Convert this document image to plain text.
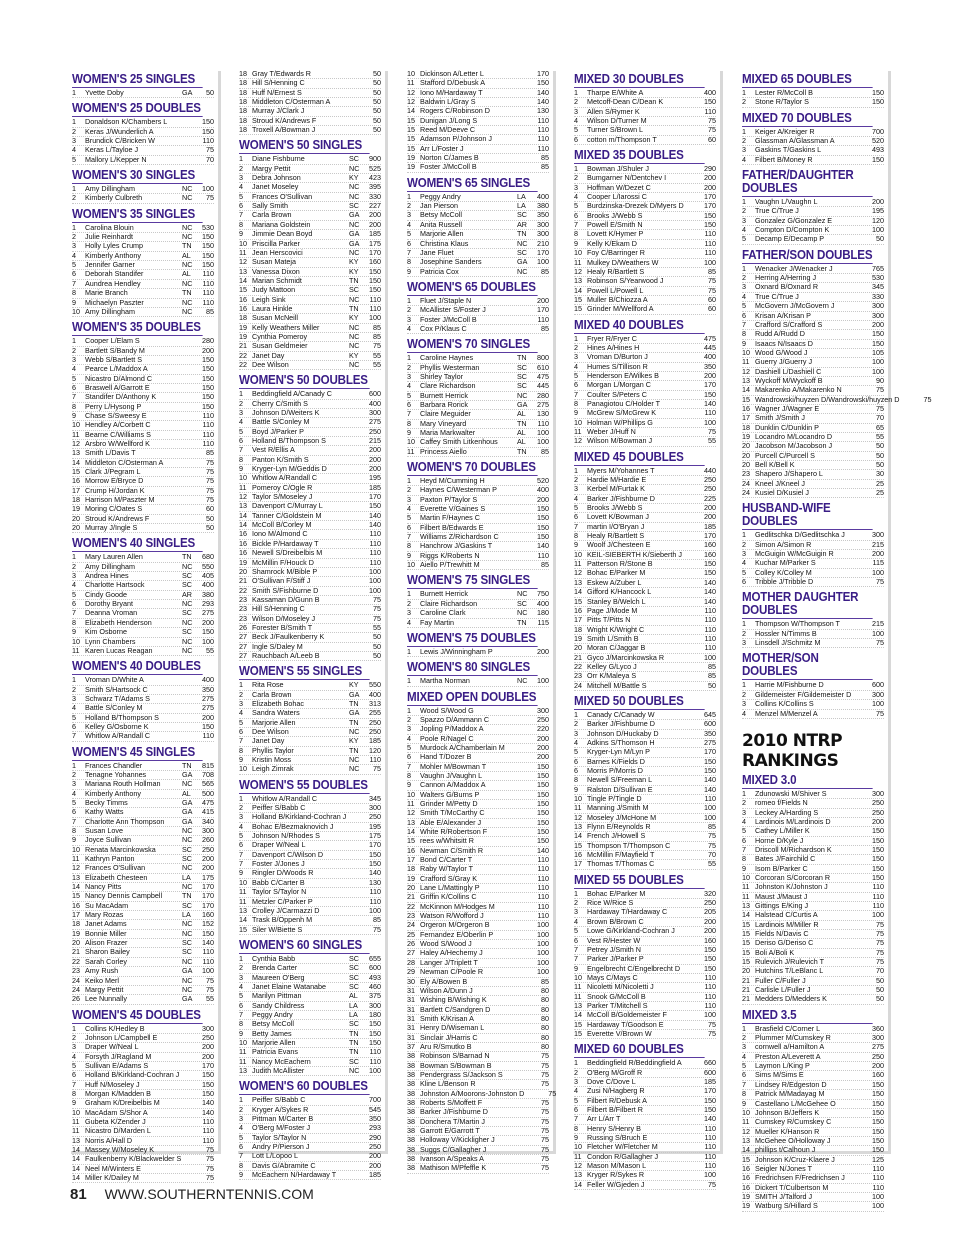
WOMEN'S 25 SINGLES
1	Yvette Doby	GA	50
WOMEN'S 25 DOUBLES
1	Donaldson K/Chambers L	150
2	Keras J/Wunderlich A	150
3	Brundick C/Bricken W	110
4	Keras L/Tayloe J	75
5	Mallory L/Kepper N	70
WOMEN'S 30 SINGLES
1	Amy Dillingham	NC	100
2	Kimberly Culbreth	NC	75
WOMEN'S 35 SINGLES
1	Carolina Blouin	NC	530
2	Julie Reinhardt	NC	150
3	Holly Lyles Crump	TN	150
4	Kimberly Anthony	AL	150
5	Jennifer Garner	NC	150
6	Deborah Standifer	AL	110
7	Aundrea Hendley	NC	110
8	Marie Branch	TN	110
9	Michaelyn Paszter	NC	110
10 Amy Dillingham	NC	85
WOMEN'S 35 DOUBLES
1	Cooper L/Elam S	280
2	Bartlett S/Bandy M	200
3	Webb S/Bartlett S	150
4	Pearce L/Maddox A	150
5	Nicastro D/Almond C	150
6	Braswell A/Garrott E	150
7	Standifer D/Anthony K	150
8	Perry L/Hysong P	150
9	Chase S/Sweesy E	110
10 Hendley A/Corbett C	110
11 Bearne C/Williams S	110
12 Arsbro W/Wellford K	110
13 Smith L/Davis T	85
14 Middleton C/Osterman A	75
15 Clark J/Pegram L	75
16 Morrow E/Bryce D	75
17 Crump H/Jordan K	75
18 Harrison M/Paszter M	75
19 Moring C/Oates S	60
20 Stroud K/Andrews F	50
20 Murray J/Ingle S	50
WOMEN'S 40 SINGLES
1	Mary Lauren Allen	TN	680
2	Amy Dillingham	NC	550
3	Andrea Hines	SC	405
4	Charlotte Hartsock	SC	400
5	Cindy Goode	AR	380
6	Dorothy Bryant	NC	293
7	Deanna Vroman	SC	275
8	Elizabeth Henderson	NC	200
9	Kim Osborne	SC	150
10 Lynn Chambers	NC	100
11 Karen Lucas Reagan	NC	55
WOMEN'S 40 DOUBLES
1	Vroman D/White A	400
2	Smith S/Hartsock C	350
3	Schwarz T/Adams S	275
4	Battle S/Conley M	275
5	Holland B/Thompson S	200
6	Kelley G/Osborne K	150
7	Whitlow A/Randall C	110
WOMEN'S 45 SINGLES
1	Frances Chandler	TN	815
2	Tenagne Yohannes	GA	708
3	Mariana Routh Hollman	NC	565
4	Kimberly Anthony	AL	500
5	Becky Timms	GA	475
6	Kathy Watts	GA	415
7	Charlotte Ann Thompson	GA	340
8	Susan Love	NC	300
9	Joyce Sullivan	NC	260
10 Renata Marcinkowska	SC	250
11 Kathryn Panton	SC	200
12 Frances O'Sullivan	NC	200
13 Elizabeth Chesteen	LA	175
14 Nancy Pitts	NC	170
15 Nancy Dennis Campbell	TN	170
16 Su MacAdam	SC	170
17 Mary Rozas	LA	160
18 Janet Adams	NC	152
19 Bonnie Miller	NC	150
20 Alison Frazer	SC	140
21 Sharon Bailey	SC	110
22 Sarah Corley	NC	110
23 Amy Rush	GA	100
24 Keiko Merl	NC	75
24 Margy Pettit	NC	75
26 Lee Nunnally	GA	55
WOMEN'S 45 DOUBLES
1	Collins K/Hedley B	300
2	Johnson L/Campbell E	250
3	Draper W/Neal L	200
4	Forsyth J/Ragland M	200
5	Sullivan E/Adams S	170
6	Holland B/Kirkland-Cochran J	150
7	Huff N/Moseley J	150
8	Morgan K/Madden B	150
9	Graham K/Dreibelbis M	140
10 MacAdam S/Shor A	140
11 Gubeta K/Zender J	110
11 Nicastro D/Marden L	110
13 Norris A/Hall D	110
14 Massey W/Moseley K	75
14 Faulkenberry K/Blackwelder S	75
14 Neel M/Winters E	75
14 Miller K/Dailey M	75
18 Gray T/Edwards R	50
18 Hill S/Henning C	50
18 Huff N/Ernest S	50
18 Middleton C/Osterman A	50
18 Murray J/Clark J	50
18 Stroud K/Andrews F	50
18 Troxell A/Bowman J	50
WOMEN'S 50 SINGLES
1	Diane Fishburne	SC	900
2	Margy Pettit	NC	525
3	Debra Johnson	KY	423
4	Janet Moseley	NC	395
5	Frances O'Sullivan	NC	330
6	Sally Smith	SC	227
7	Carla Brown	GA	200
8	Mariana Goldstein	NC	200
9	Jimmie Dean Boyd	GA	185
10 Priscilla Parker	GA	175
11 Jean Herscovici	NC	170
12 Susan Mateja	KY	160
13 Vanessa Dixon	KY	150
14 Marian Schmidt	TN	150
15 Judy Mattoon	SC	150
16 Leigh Sink	NC	110
16 Laura Hinkle	TN	110
18 Susan McNeill	KY	100
19 Kelly Weathers Miller	NC	85
19 Cynthia Pomeroy	NC	85
21 Susan Geldmeier	NC	75
22 Janet Day	KY	55
22 Dee Wilson	NC	55
WOMEN'S 50 DOUBLES
1	Beddingfield A/Canady C	600
2	Cherry C/Smith S	400
3	Johnson D/Weiters K	300
4	Battle S/Conley M	275
5	Boyd J/Parker P	250
6	Holland B/Thompson S	215
7	Vest R/Ellis A	200
8	Panton K/Smith S	200
9	Kryger-Lyn M/Geddis D	200
10 Whitlow A/Randall C	195
11 Pomeroy C/Ogle R	185
12 Taylor S/Moseley J	170
13 Davenport C/Murray L	150
14 Tanner C/Goldstein M	140
14 McColl B/Corley M	140
16 Iono M/Almond C	110
16 Bickle P/Hardaway T	110
16 Newell S/Dreibelbis M	110
19 McMillin F/Houck D	110
20 Shamrock M/Bible P	100
21 O'Sullivan F/Stiff J	100
22 Smith S/Fishburne D	100
23 Kassaman D/Gunn B	75
23 Hill S/Henning C	75
23 Wilson D/Moseley J	75
26 Forester B/Smith T	55
27 Beck J/Faulkenberry K	50
27 Ingle S/Daley M	50
27 Rauchbach A/Leeb B	50
WOMEN'S 55 SINGLES
1	Rita Rose	KY	550
2	Carla Brown	GA	400
3	Elizabeth Bohac	TN	313
4	Sandra Waters	GA	255
5	Marjorie Allen	TN	250
6	Dee Wilson	NC	250
7	Janet Day	KY	185
8	Phyllis Taylor	TN	120
9	Kristin Moss	NC	110
10 Leigh Zimrak	NC	75
WOMEN'S 55 DOUBLES
1	Whitlow A/Randall C	345
2	Peiffer S/Babb C	300
3	Holland B/Kirkland-Cochran J	250
4	Bohac E/Bezmaknovich J	195
5	Johnson N/Rhodes S	175
6	Draper W/Neal L	170
7	Davenport C/Wilson D	150
7	Foster J/Jones J	150
9	Ringler D/Woods R	140
10 Babb C/Carter B	130
11 Taylor S/Taylor N	110
11 Metzler C/Parker P	110
13 Crolley J/Carmazzi D	100
14 Trask B/Oppenh M	85
15 Siler W/Biette S	75
WOMEN'S 60 SINGLES
1	Cynthia Babb	SC	655
2	Brenda Carter	SC	600
3	Maureen O'Berg	SC	493
4	Janet Elaine Watanabe	SC	460
5	Marilyn Pittman	AL	375
6	Sandy Childress	LA	300
7	Peggy Andry	LA	180
8	Betsy McColl	SC	150
9	Betty James	TN	150
10 Marjorie Allen	TN	150
11 Patricia Evans	TN	110
11 Nancy McEachern	SC	110
13 Judith McAllister	NC	100
WOMEN'S 60 DOUBLES
1	Peiffer S/Babb C	700
2	Kryger A/Sykes R	545
3	Pittman M/Carter B	350
4	O'Berg M/Foster J	293
5	Taylor S/Taylor N	290
6	Andry P/Pierson J	250
7	Lott L/Lopoo L	200
8	Davis G/Abramite C	200
9	McEachern N/Hardaway T	185
10 Dickinson A/Letter L	170
11 Stafford D/Debusk A	150
12 Iono M/Hardaway T	140
12 Baldwin L/Gray S	140
14 Rogers C/Robinson D	130
15 Dunigan J/Long S	110
15 Reed M/Deeve C	110
15 Adamson P/Johnson J	110
15 Arr L/Foster J	110
19 Norton C/James B	85
19 Foster J/McColl B	85
WOMEN'S 65 SINGLES
1	Peggy Andry	LA	400
2	Jan Pierson	LA	380
3	Betsy McColl	SC	350
4	Anita Russell	AR	300
5	Marjorie Allen	TN	300
6	Christina Klaus	NC	210
7	Jane Fluet	SC	170
8	Josephine Sanders	GA	100
9	Patricia Cox	NC	85
WOMEN'S 65 DOUBLES
1	Fluet J/Staple N	200
2	McAllister S/Foster J	170
3	Foster J/McColl B	110
4	Cox P/Klaus C	85
WOMEN'S 70 SINGLES
1	Caroline Haynes	TN	800
2	Phyllis Westerman	SC	610
3	Shirley Taylor	SC	475
4	Clare Richardson	SC	445
5	Burnett Herrick	NC	280
6	Barbara Rorick	GA	275
7	Claire Meguider	AL	130
8	Mary Vineyard	TN	110
9	Maria Markwalter	AL	100
10 Caffey Smith Litkenhous	AL	100
11 Princess Aiello	TN	85
WOMEN'S 70 DOUBLES
1	Heyd M/Cumming H	520
2	Haynes C/Westerman P	400
3	Paxton P/Taylor S	200
4	Everette V/Gaines S	150
5	Martin F/Haynes C	150
6	Filbert B/Edwards E	150
7	Williams Z/Richardson C	150
8	Hanchrow J/Gaskins T	140
9	Riggs K/Roberts N	110
10 Aiello P/Trewhitt M	85
WOMEN'S 75 SINGLES
1	Burnett Herrick	NC	750
2	Claire Richardson	SC	400
3	Caroline Clark	NC	180
4	Fay Martin	TN	115
WOMEN'S 75 DOUBLES
1	Lewis J/Winningham P	200
WOMEN'S 80 SINGLES
1	Martha Norman	NC	100
MIXED OPEN DOUBLES
1	Wood S/Wood G	300
2	Spazzo D/Ammann C	250
3	Jopling P/Maddox A	220
4	Poole R/Nagel C	200
5	Murdock A/Chamberlain M	200
6	Hand T/Dozer B	200
7	Mohler M/Bowman T	150
8	Vaughn J/Vaughn L	150
9	Cannon A/Maddox A	150
10 Walters G/Burns P	150
11 Grinder M/Petty D	150
12 Smith T/McCarthy C	150
13 Able E/Alexander J	150
14 White R/Robertson F	150
15 rees w/Whitsitt R	150
16 Newman C/Smith R	140
17 Bond C/Carter T	110
18 Raby W/Taylor T	110
19 Crafford S/Gray K	110
20 Lane L/Mattingly P	110
21 Griffin K/Collins C	110
22 McKinnon M/Hodges M	110
23 Watson R/Wofford J	110
24 Orgeron M/Orgeron B	100
25 Fernandez E/Oberlin P	100
26 Wood S/Wood J	100
27 Haley A/Hechemy J	100
28 Langer J/Triplett T	100
29 Newman C/Poole R	100
30 Ely A/Bowen B	85
31 Wilson A/Dunn J	80
31 Wishing B/Wishing K	80
31 Bartlett C/Sandgren D	80
31 Smith K/Krisan A	80
31 Henry D/Wiseman L	80
31 Sinclair J/Harris C	80
37 Aru R/Smutko B	80
38 Robinson S/Barnad N	75
38 Bowman S/Bowman B	75
38 Pendergrass S/Jackson S	75
38 Kline L/Benson R	75
38 Johnston A/Moorons-Johnston D	75
38 Roberts S/Moffett F	75
38 Barker J/Fishburne D	75
38 Donchera T/Martin J	75
38 Garrott E/Garrott T	75
38 Holloway V/Kickligher J	75
38 Suggs C/Gallagher J	75
38 Ivanson A/Speaks A	75
38 Mathison M/Pfeffle K	75
MIXED 30 DOUBLES
1	Tharpe E/White A	400
2	Metcoff-Dean C/Dean K	150
3	Allen S/Rymer K	110
4	Wilson D/Turner M	75
5	Turner S/Brown L	75
6	cotton m/Thompson T	60
MIXED 35 DOUBLES
1	Bowman J/Shuler J	290
2	Bumgarner N/Dentchev I	200
3	Hoffman W/Dezet C	200
4	Cooper L/Iarossi C	170
5	Burdzinska-Drezek D/Myers D	170
6	Brooks J/Webb S	150
7	Powell E/Smith N	150
8	Lovett K/Hymer P	110
9	Kelly K/Ekam D	110
10 Foy C/Barringer R	110
11 Mulkey D/Weathers W	100
12 Healy R/Bartlett S	85
13 Robinson S/Yearwood J	75
14 Powell L/Powell L	75
15 Muller B/Chiozza A	60
15 Grinder M/Wellford A	60
MIXED 40 DOUBLES
1	Fryer R/Fryer C	475
2	Hines A/Hines H	445
3	Vroman D/Burton J	400
4	Humes S/Tillison R	350
5	Henderson E/Wilkes B	200
6	Morgan L/Morgan C	170
7	Coulter S/Peters C	150
8	Panagiotou C/Holder T	140
9	McGrew S/McGrew K	110
10 Holman W/Phillips G	100
11 Weber J/Huff N	75
12 Wilson M/Bowman J	55
MIXED 45 DOUBLES
1	Myers M/Yohannes T	440
2	Hardie M/Hardie E	250
3	Kerbel M/Furtak K	250
4	Barker J/Fishburne D	225
5	Brooks J/Webb S	200
6	Lovett K/Bowman J	200
7	martin I/O'Bryan J	185
8	Healy R/Bartlett S	170
9	Woolf J/Chesteen E	160
10 KEIL-SIEBERTH K/Sieberth J	160
11 Patterson R/Stone B	150
12 Bohac E/Parker M	150
13 Eskew A/Zuber L	140
14 Gifford K/Hancock L	140
15 Stanley B/Welch L	140
16 Page J/Mode M	110
17 Pitts T/Pitts N	110
18 Wright K/Wright C	110
19 Smith L/Smith B	110
20 Moran C/Jaggar B	110
21 Gyco J/Marcinkowska R	100
22 Kelley G/Lyco J	85
23 Orr K/Maleya S	85
24 Mitchell M/Battle S	50
MIXED 50 DOUBLES
1	Canady C/Canady W	645
2	Barker J/Fishburne D	600
3	Johnson D/Huckaby D	350
4	Adkins S/Thomson H	275
5	Kryger-Lyn M/Lyn P	170
6	Barnes K/Fields D	150
6	Morris P/Morris D	150
8	Newell S/Freeman L	140
9	Ralston D/Sullivan E	140
10 Tingle P/Tingle D	110
11 Manning J/Smith M	100
12 Moseley J/McHone M	100
13 Flynn E/Reynolds R	85
14 French J/Howell S	75
15 Thompson T/Thompson C	75
16 McMillin F/Mayfield T	70
17 Thomas T/Thomas C	55
MIXED 55 DOUBLES
1	Bohac E/Parker M	320
2	Rice W/Rice S	250
3	Hardaway T/Hardaway C	205
4	Brown B/Brown C	200
5	Lowe G/Kirkland-Cochran J	200
6	Vest R/Hester W	160
7	Petrey J/Smith N	150
7	Parker J/Parker P	150
9	Engelbrecht C/Engelbrecht D	150
10 Mays C/Mays C	110
11 Nicoletti M/Nicoletti J	110
11 Snook G/McColl B	110
13 Parker T/Mitchell S	110
14 McColl B/Goldemeister F	100
15 Hardaway T/Goodson E	75
15 Everette V/Brown W	75
MIXED 60 DOUBLES
1	Beddingfield R/Beddingfield A	660
2	O'Berg M/Groff R	600
3	Dove C/Dove L	185
4	Zusi N/Hagberg R	170
5	Filbert R/Debusk A	150
6	Filbert B/Filbert R	150
7	Arr L/Arr T	140
8	Henry S/Henry B	110
9	Russing S/Bruch E	110
10 Fletcher W/Fletcher M	110
11 Condon R/Gallagher J	110
12 Mason M/Mason L	110
13 Kryger R/Sykes R	100
14 Feller W/Gjeden J	75
MIXED 65 DOUBLES
1	Lester R/McColl B	150
2	Stone R/Taylor S	150
MIXED 70 DOUBLES
1	Keiger A/Kreiger R	700
2	Glassman A/Glassman A	520
3	Gaskins T/Gaskins L	493
4	Filbert B/Money R	150
FATHER/DAUGHTER DOUBLES
1	Vaughn L/Vaughn L	200
2	True C/True J	195
3	Gonzalez G/Gonzalez E	120
4	Compton D/Compton K	100
5	Decamp E/Decamp P	50
FATHER/SON DOUBLES
1	Wenacker J/Wenacker J	765
2	Herring A/Herring J	530
3	Oxnard B/Oxnard R	345
4	True C/True J	330
5	McGovern J/McGovern J	300
6	Krisan A/Krisan P	300
7	Crafford S/Crafford S	200
8	Rudd A/Rudd D	150
9	Isaacs N/Isaacs D	150
10 Wood G/Wood J	105
11 Guerry J/Guerry J	100
12 Dashiell L/Dashiell C	100
13 Wyckoff M/Wyckoff B	90
14 Makarenko A/Makarenko N	75
15 Wandrowski/huyzen D/Wandrowski/huyzen D	75
16 Wagner J/Wagner E	75
17 Smith J/Smith J	70
18 Dunklin C/Dunklin P	65
19 Locandro M/Locandro D	55
20 Jacobson M/Jacobson J	50
20 Purcell C/Purcell S	50
20 Bell K/Bell K	50
23 Shapero J/Shapero L	30
24 Kneel J/Kneel J	25
24 Kusiel D/Kusiel J	25
HUSBAND-WIFE DOUBLES
1	Gedlitschka D/Gedlitschka J	300
2	Simon A/Simon R	215
3	McGuigin W/McGuigin R	200
4	Kuchar M/Parker S	115
5	Colley K/Colley M	100
6	Tribble J/Tribble D	75
MOTHER DAUGHTER DOUBLES
1	Thompson W/Thompson T	215
2	Hossler N/Timms B	100
3	Linsdell J/Schmitz M	75
MOTHER/SON DOUBLES
1	Harrie M/Fishburne D	600
2	Gildemeister F/Gildemeister D	300
3	Collins K/Collins S	100
4	Menzel M/Menzel A	75
2010 NTRP RANKINGS
MIXED 3.0
1	Zdunowski M/Shiver S	300
2	romeo f/Fields N	250
3	Leckey A/Harding S	250
4	Lardinois M/Lardinois D	200
5	Cathey L/Miller K	150
6	Horne D/Kyle J	150
7	Driscoll M/Richardson K	150
8	Bates J/Fairchild C	150
9	Isom B/Parker C	150
10 Corcoran S/Corcoran R	150
11 Johnston K/Johnston J	110
11 Maust J/Maust J	110
13 Gittings E/King J	110
14 Halstead C/Curtis A	100
15 Lardinois M/Miller R	75
15 Fields N/Davis C	75
15 Deriso G/Deriso C	75
15 Boli A/Boli K	75
15 Rulevich J/Rulevich T	75
20 Hutchins T/LeBlanc L	70
21 Fuller C/Fuller J	50
21 Carlisle L/Fuller J	50
21 Medders D/Medders K	50
MIXED 3.5
1	Brasfield C/Corner L	360
2	Plummer M/Cumskey R	300
3	cornwell a/Hamilton A	275
4	Preston A/Leverett A	250
5	Laymon L/King P	200
6	Sims M/Sims E	160
7	Lindsey R/Edgeston D	150
8	Patrick M/Madayag M	150
9	Castellano L/McGehee O	150
10 Johnson B/Jeffers K	150
11 Cumskey R/Cumskey C	150
12 Mueller K/Hanson R	150
13 McGehee O/Holloway J	150
14 phillips t/Calhoun J	150
15 Johnson K/Cruz-Klaere J	125
16 Seigler N/Jones T	110
16 Fredrichsen F/Fredrichsen J	110
16 Dickert T/Culbertson M	110
19 SMITH J/Talford J	100
19 Watburg S/Hillard S	100
81 WWW.SOUTHERNTENNIS.COM
